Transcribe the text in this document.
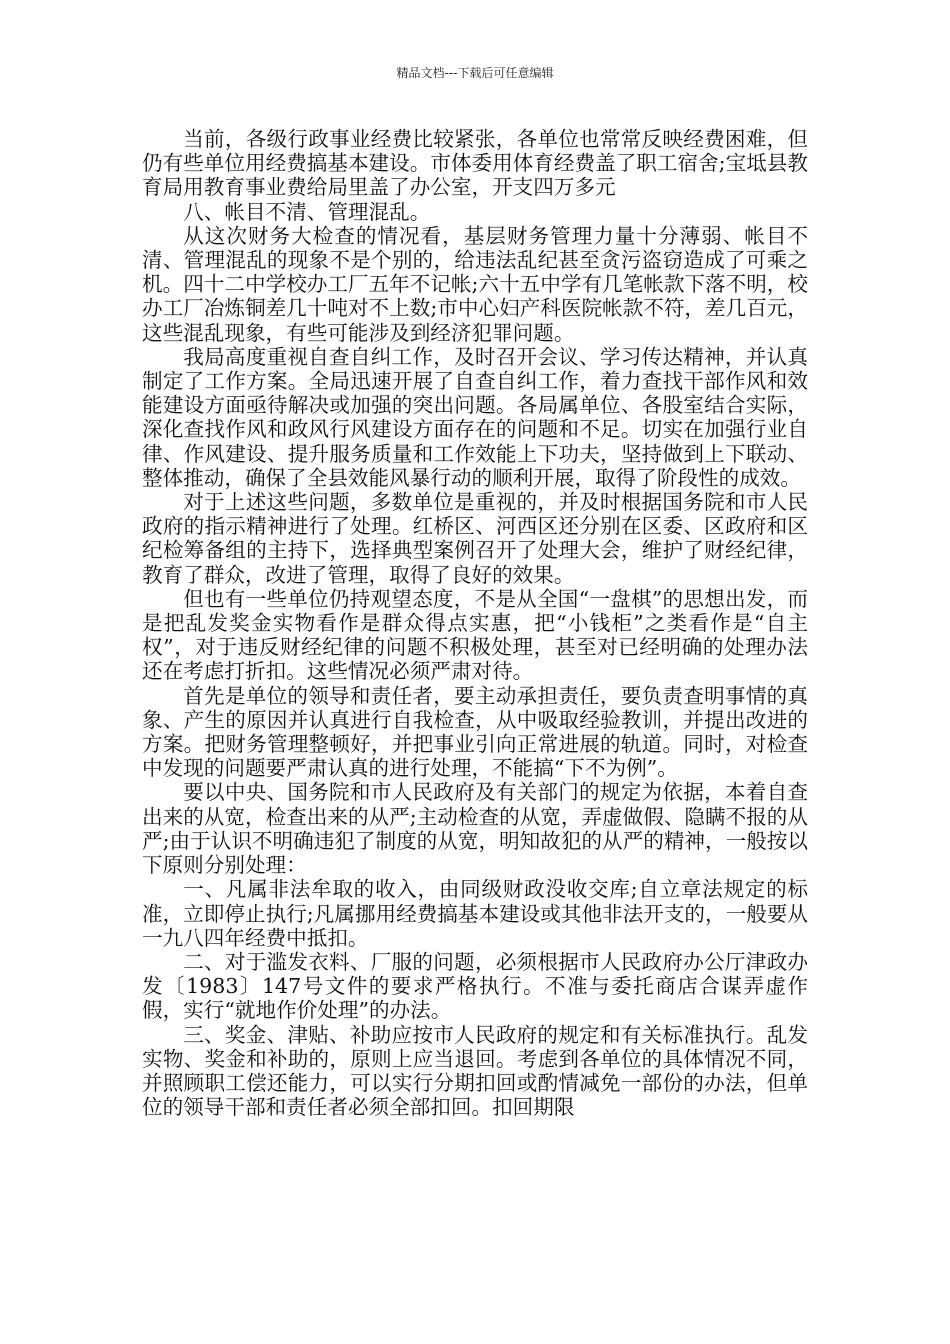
精品文档---下载后可任意编辑

当前，各级行政事业经费比较紧张，各单位也常常反映经费困难，但仍有些单位用经费搞基本建设。市体委用体育经费盖了职工宿舍;宝坻县教育局用教育事业费给局里盖了办公室，开支四万多元

八、帐目不清、管理混乱。

从这次财务大检查的情况看，基层财务管理力量十分薄弱、帐目不清、管理混乱的现象不是个别的，给违法乱纪甚至贪污盗窃造成了可乘之机。四十二中学校办工厂五年不记帐;六十五中学有几笔帐款下落不明，校办工厂冶炼铜差几十吨对不上数;市中心妇产科医院帐款不符，差几百元，这些混乱现象，有些可能涉及到经济犯罪问题。

我局高度重视自查自纠工作，及时召开会议、学习传达精神，并认真制定了工作方案。全局迅速开展了自查自纠工作，着力查找干部作风和效能建设方面亟待解决或加强的突出问题。各局属单位、各股室结合实际，深化查找作风和政风行风建设方面存在的问题和不足。切实在加强行业自律、作风建设、提升服务质量和工作效能上下功夫，坚持做到上下联动、整体推动，确保了全县效能风暴行动的顺利开展，取得了阶段性的成效。

对于上述这些问题，多数单位是重视的，并及时根据国务院和市人民政府的指示精神进行了处理。红桥区、河西区还分别在区委、区政府和区纪检筹备组的主持下，选择典型案例召开了处理大会，维护了财经纪律，教育了群众，改进了管理，取得了良好的效果。

但也有一些单位仍持观望态度，不是从全国“一盘棋”的思想出发，而是把乱发奖金实物看作是群众得点实惠，把“小钱柜”之类看作是“自主权”，对于违反财经纪律的问题不积极处理，甚至对已经明确的处理办法还在考虑打折扣。这些情况必须严肃对待。

首先是单位的领导和责任者，要主动承担责任，要负责查明事情的真象、产生的原因并认真进行自我检查，从中吸取经验教训，并提出改进的方案。把财务管理整顿好，并把事业引向正常进展的轨道。同时，对检查中发现的问题要严肃认真的进行处理，不能搞“下不为例”。

要以中央、国务院和市人民政府及有关部门的规定为依据，本着自查出来的从宽，检查出来的从严;主动检查的从宽，弄虚做假、隐瞒不报的从严;由于认识不明确违犯了制度的从宽，明知故犯的从严的精神，一般按以下原则分别处理：

一、凡属非法牟取的收入，由同级财政没收交库;自立章法规定的标准，立即停止执行;凡属挪用经费搞基本建设或其他非法开支的，一般要从一九八四年经费中抵扣。

二、对于滥发衣料、厂服的问题，必须根据市人民政府办公厅津政办发〔1983〕147号文件的要求严格执行。不准与委托商店合谋弄虚作假，实行“就地作价处理”的办法。

三、奖金、津贴、补助应按市人民政府的规定和有关标准执行。乱发实物、奖金和补助的，原则上应当退回。考虑到各单位的具体情况不同，并照顾职工偿还能力，可以实行分期扣回或酌情减免一部份的办法，但单位的领导干部和责任者必须全部扣回。扣回期限
